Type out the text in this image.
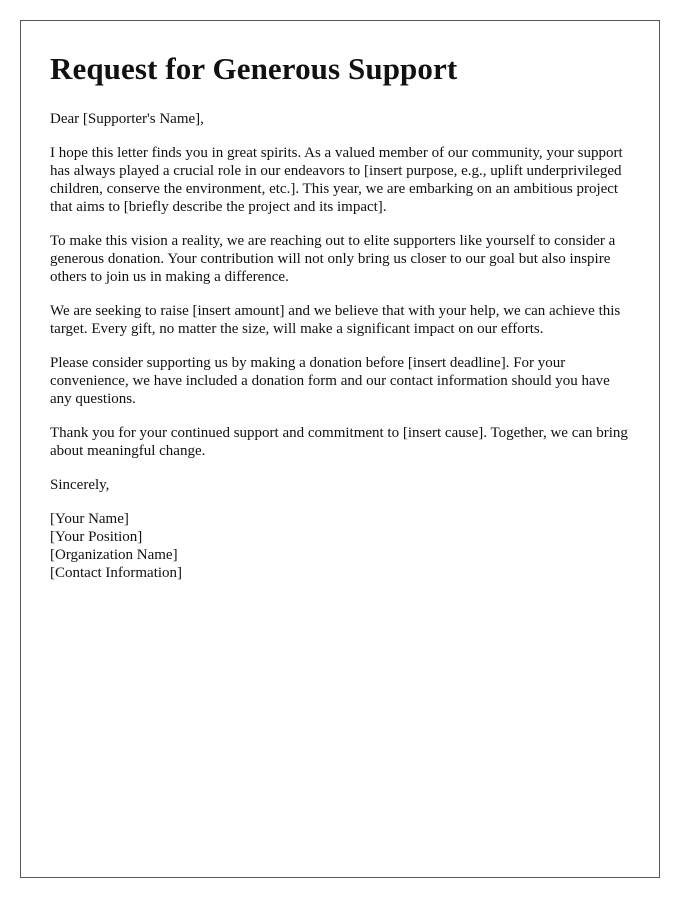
Request for Generous Support

Dear [Supporter's Name],

I hope this letter finds you in great spirits. As a valued member of our community, your support has always played a crucial role in our endeavors to [insert purpose, e.g., uplift underprivileged children, conserve the environment, etc.]. This year, we are embarking on an ambitious project that aims to [briefly describe the project and its impact].

To make this vision a reality, we are reaching out to elite supporters like yourself to consider a generous donation. Your contribution will not only bring us closer to our goal but also inspire others to join us in making a difference.

We are seeking to raise [insert amount] and we believe that with your help, we can achieve this target. Every gift, no matter the size, will make a significant impact on our efforts.

Please consider supporting us by making a donation before [insert deadline]. For your convenience, we have included a donation form and our contact information should you have any questions.

Thank you for your continued support and commitment to [insert cause]. Together, we can bring about meaningful change.

Sincerely,

[Your Name]

[Your Position]

[Organization Name]

[Contact Information]
